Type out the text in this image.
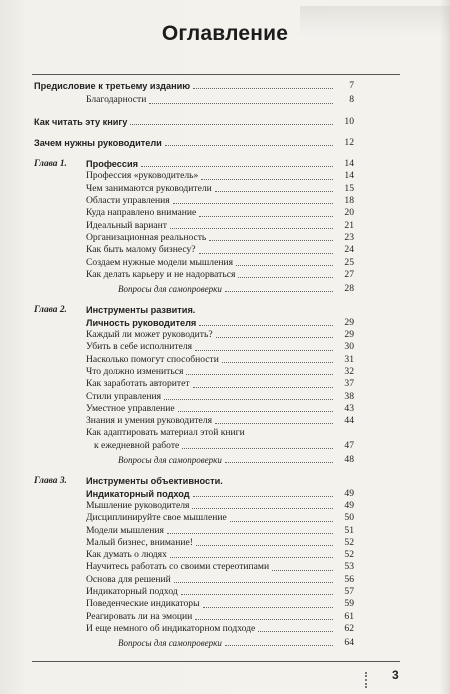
Оглавление
Предисловие к третьему изданию	7
Благодарности	8
Как читать эту книгу	10
Зачем нужны руководители	12
Глава 1.	Профессия	14
Профессия «руководитель»	14
Чем занимаются руководители	15
Области управления	18
Куда направлено внимание	20
Идеальный вариант	21
Организационная реальность	23
Как быть малому бизнесу?	24
Создаем нужные модели мышления	25
Как делать карьеру и не надорваться	27
Вопросы для самопроверки	28
Глава 2.	Инструменты развития.
Личность руководителя	29
Каждый ли может руководить?	29
Убить в себе исполнителя	30
Насколько помогут способности	31
Что должно измениться	32
Как заработать авторитет	37
Стили управления	38
Уместное управление	43
Знания и умения руководителя	44
Как адаптировать материал этой книги
к ежедневной работе	47
Вопросы для самопроверки	48
Глава 3.	Инструменты объективности.
Индикаторный подход	49
Мышление руководителя	49
Дисциплинируйте свое мышление	50
Модели мышления	51
Малый бизнес, внимание!	52
Как думать о людях	52
Научитесь работать со своими стереотипами	53
Основа для решений	56
Индикаторный подход	57
Поведенческие индикаторы	59
Реагировать ли на эмоции	61
И еще немного об индикаторном подходе	62
Вопросы для самопроверки	64
3
